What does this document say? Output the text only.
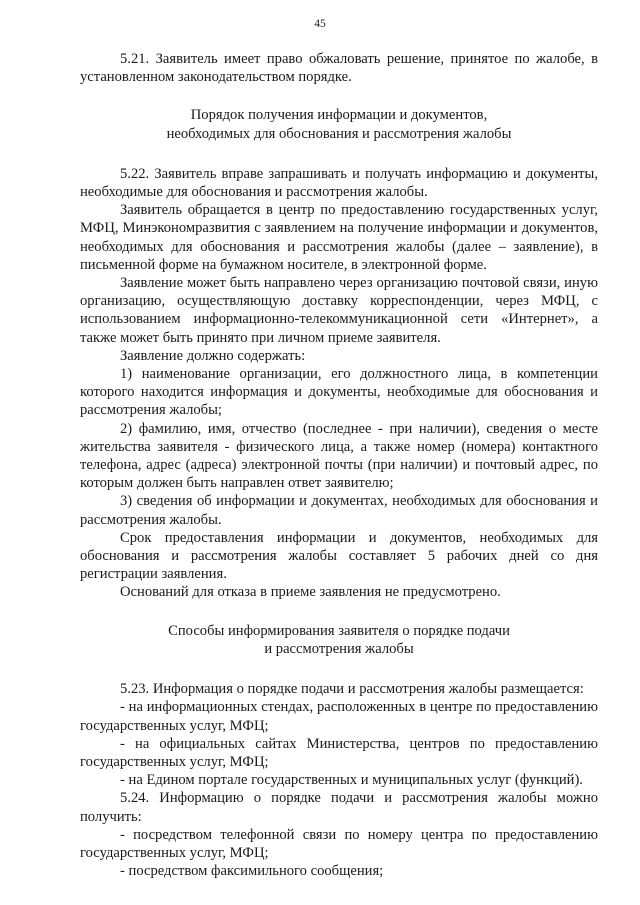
45

5.21. Заявитель имеет право обжаловать решение, принятое по жалобе, в установленном законодательством порядке.

Порядок получения информации и документов,
необходимых для обоснования и рассмотрения жалобы

5.22. Заявитель вправе запрашивать и получать информацию и документы, необходимые для обоснования и рассмотрения жалобы.

Заявитель обращается в центр по предоставлению государственных услуг, МФЦ, Минэкономразвития с заявлением на получение информации и документов, необходимых для обоснования и рассмотрения жалобы (далее – заявление), в письменной форме на бумажном носителе, в электронной форме.

Заявление может быть направлено через организацию почтовой связи, иную организацию, осуществляющую доставку корреспонденции, через МФЦ, с использованием информационно-телекоммуникационной сети «Интернет», а также может быть принято при личном приеме заявителя.

Заявление должно содержать:

1) наименование организации, его должностного лица, в компетенции которого находится информация и документы, необходимые для обоснования и рассмотрения жалобы;

2) фамилию, имя, отчество (последнее - при наличии), сведения о месте жительства заявителя - физического лица, а также номер (номера) контактного телефона, адрес (адреса) электронной почты (при наличии) и почтовый адрес, по которым должен быть направлен ответ заявителю;

3) сведения об информации и документах, необходимых для обоснования и рассмотрения жалобы.

Срок предоставления информации и документов, необходимых для обоснования и рассмотрения жалобы составляет 5 рабочих дней со дня регистрации заявления.

Оснований для отказа в приеме заявления не предусмотрено.

Способы информирования заявителя о порядке подачи
и рассмотрения жалобы

5.23. Информация о порядке подачи и рассмотрения жалобы размещается:

- на информационных стендах, расположенных в центре по предоставлению государственных услуг, МФЦ;

- на официальных сайтах Министерства, центров по предоставлению государственных услуг, МФЦ;

- на Едином портале государственных и муниципальных услуг (функций).

5.24. Информацию о порядке подачи и рассмотрения жалобы можно получить:

- посредством телефонной связи по номеру центра по предоставлению государственных услуг, МФЦ;

- посредством факсимильного сообщения;
